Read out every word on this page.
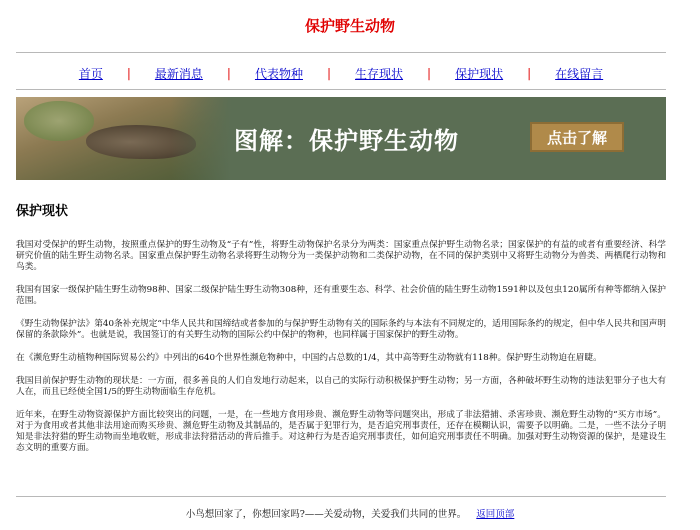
保护野生动物
首页 | 最新消息 | 代表物种 | 生存现状 | 保护现状 | 在线留言
图解：保护野生动物	点击了解
保护现状

我国对受保护的野生动物，按照重点保护的野生动物及“子有”性，将野生动物保护名录分为两类：国家重点保护野生动物名录；国家保护的有益的或者有重要经济、科学研究价值的陆生野生动物名录。国家重点保护野生动物名录将野生动物分为一类保护动物和二类保护动物，在不同的保护类别中又将野生动物分为兽类、两栖爬行动物和鸟类。

我国有国家一级保护陆生野生动物98种、国家二级保护陆生野生动物308种，还有重要生态、科学、社会价值的陆生野生动物1591种以及包虫120属所有种等都纳入保护范围。

《野生动物保护法》第40条补充规定“中华人民共和国缔结或者参加的与保护野生动物有关的国际条约与本法有不同规定的，适用国际条约的规定，但中华人民共和国声明保留的条款除外”。也就是说，我国签订的有关野生动物的国际公约中保护的物种，也同样属于国家保护的野生动物。

在《濒危野生动植物种国际贸易公约》中列出的640个世界性濒危物种中，中国约占总数的1/4，其中高等野生动物就有118种。保护野生动物迫在眉睫。

我国目前保护野生动物的现状是：一方面，很多善良的人们自发地行动起来，以自己的实际行动积极保护野生动物；另一方面，各种破坏野生动物的违法犯罪分子也大有人在，而且已经使全国1/5的野生动物面临生存危机。

近年来，在野生动物资源保护方面比较突出的问题，一是，在一些地方食用珍贵、濒危野生动物等问题突出，形成了非法猎捕、杀害珍贵、濒危野生动物的“买方市场”。对于为食用或者其他非法用途而购买珍贵、濒危野生动物及其制品的，是否属于犯罪行为，是否追究刑事责任，还存在模糊认识，需要予以明确。二是，一些不法分子明知是非法狩猎的野生动物而坐地收赃，形成非法狩猎活动的背后推手。对这种行为是否追究刑事责任，如何追究刑事责任不明确。加强对野生动物资源的保护，是建设生态文明的重要方面。

小鸟想回家了，你想回家吗?——关爱动物，关爱我们共同的世界。 返回顶部
